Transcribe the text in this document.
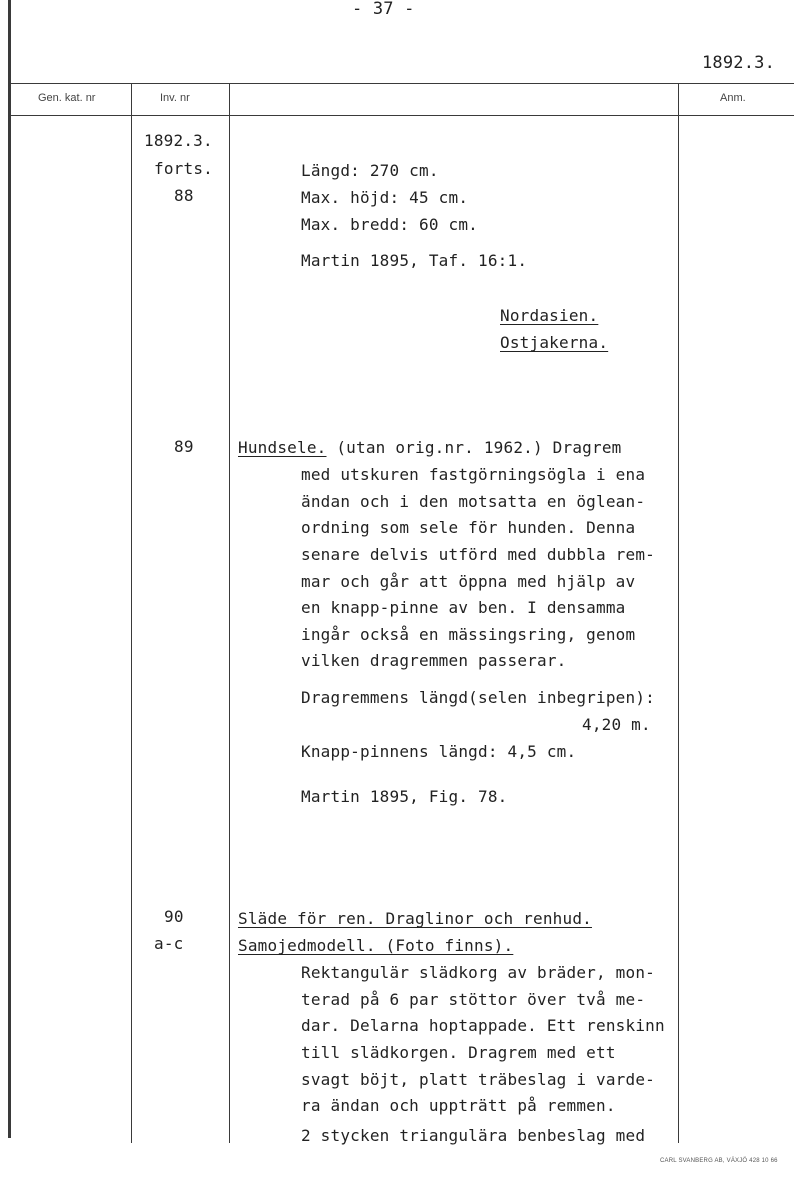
- 37 -
1892.3.
Gen. kat. nr	Inv. nr	Anm.
1892.3.
forts.
88
89
90
a-c
Längd: 270 cm.
Max. höjd: 45 cm.
Max. bredd: 60 cm.
Martin 1895, Taf. 16:1.
Nordasien.
Ostjakerna.
Hundsele. (utan orig.nr. 1962.) Dragrem
med utskuren fastgörningsögla i ena
ändan och i den motsatta en öglean-
ordning som sele för hunden. Denna
senare delvis utförd med dubbla rem-
mar och går att öppna med hjälp av
en knapp-pinne av ben. I densamma
ingår också en mässingsring, genom
vilken dragremmen passerar.
Dragremmens längd(selen inbegripen):
4,20 m.
Knapp-pinnens längd: 4,5 cm.
Martin 1895, Fig. 78.
Släde för ren. Draglinor och renhud.
Samojedmodell. (Foto finns).
Rektangulär slädkorg av bräder, mon-
terad på 6 par stöttor över två me-
dar. Delarna hoptappade. Ett renskinn
till slädkorgen. Dragrem med ett
svagt böjt, platt träbeslag i varde-
ra ändan och uppträtt på remmen.
2 stycken triangulära benbeslag med
CARL SVANBERG AB, VÄXJÖ 428 10 66
